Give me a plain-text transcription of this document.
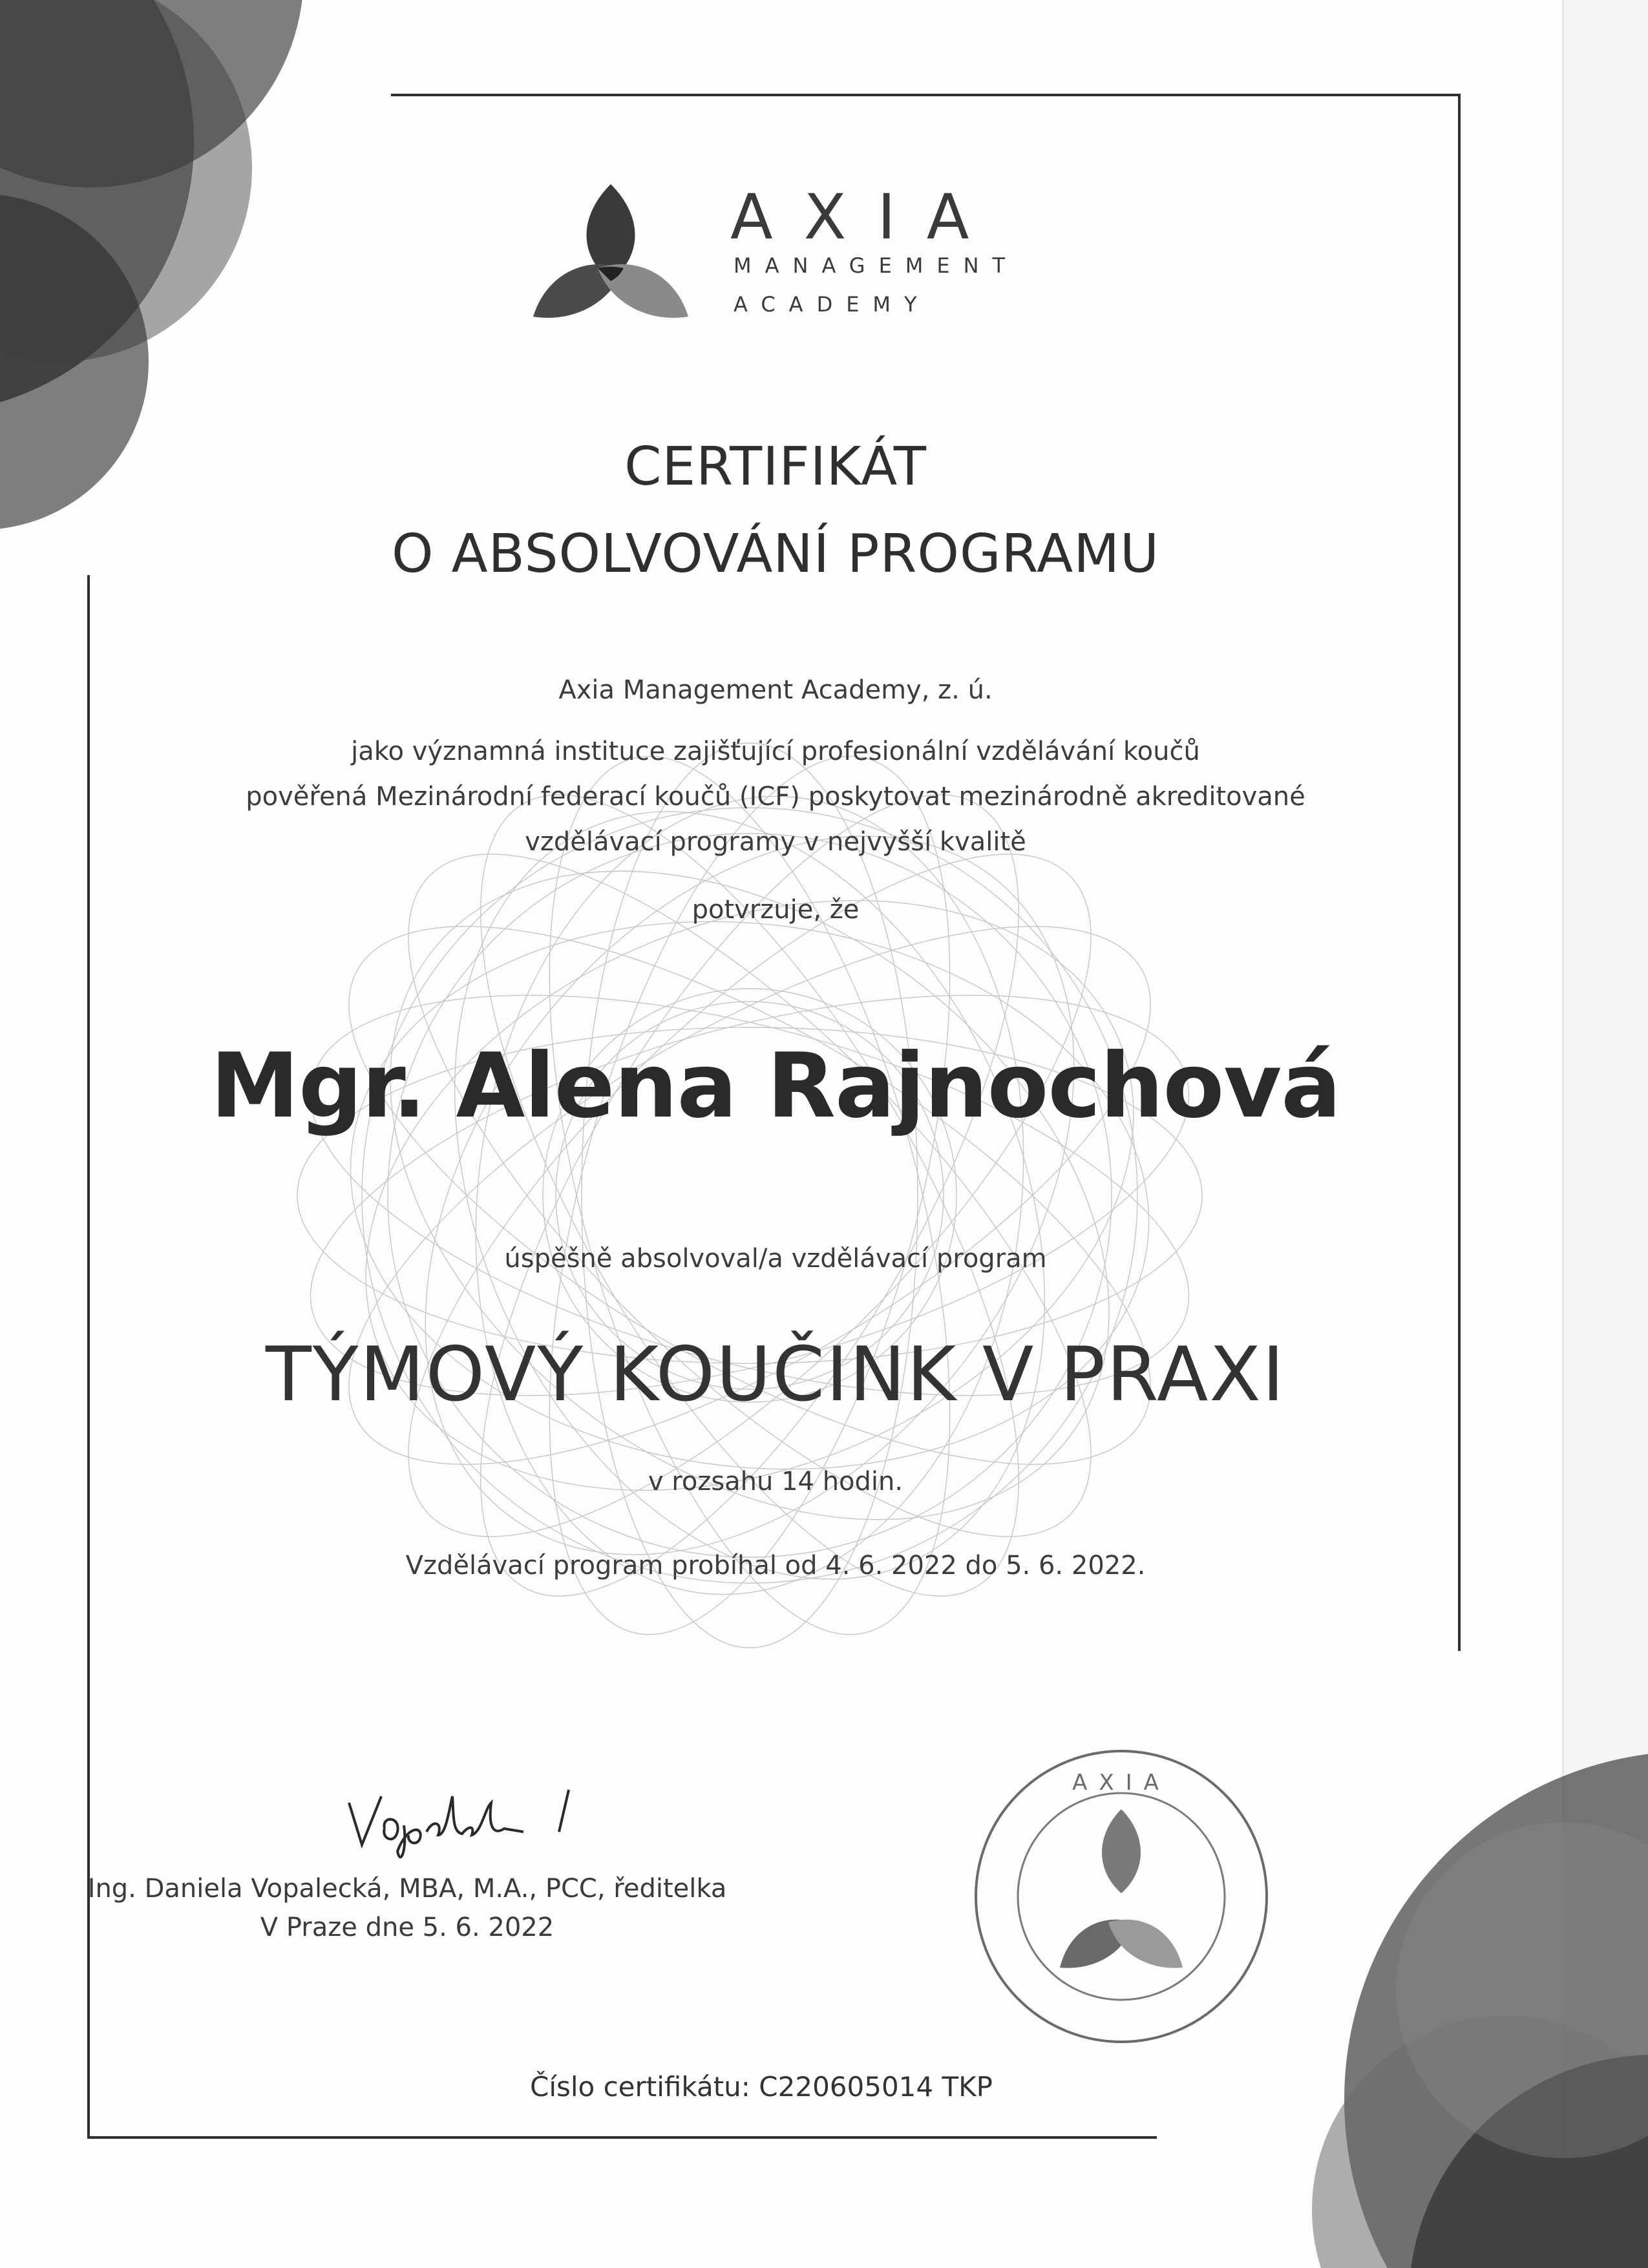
AXIA
MANAGEMENT
ACADEMY
CERTIFIKÁT
O ABSOLVOVÁNÍ PROGRAMU
Axia Management Academy, z. ú.
jako významná instituce zajišťující profesionální vzdělávání koučů
pověřená Mezinárodní federací koučů (ICF) poskytovat mezinárodně akreditované
vzdělávací programy v nejvyšší kvalitě
potvrzuje, že
Mgr. Alena Rajnochová
úspěšně absolvoval/a vzdělávací program
TÝMOVÝ KOUČINK V PRAXI
v rozsahu 14 hodin.
Vzdělávací program probíhal od 4. 6. 2022 do 5. 6. 2022.
Ing. Daniela Vopalecká, MBA, M.A., PCC, ředitelka
V Praze dne 5. 6. 2022
AXIA
Číslo certifikátu: C220605014 TKP
